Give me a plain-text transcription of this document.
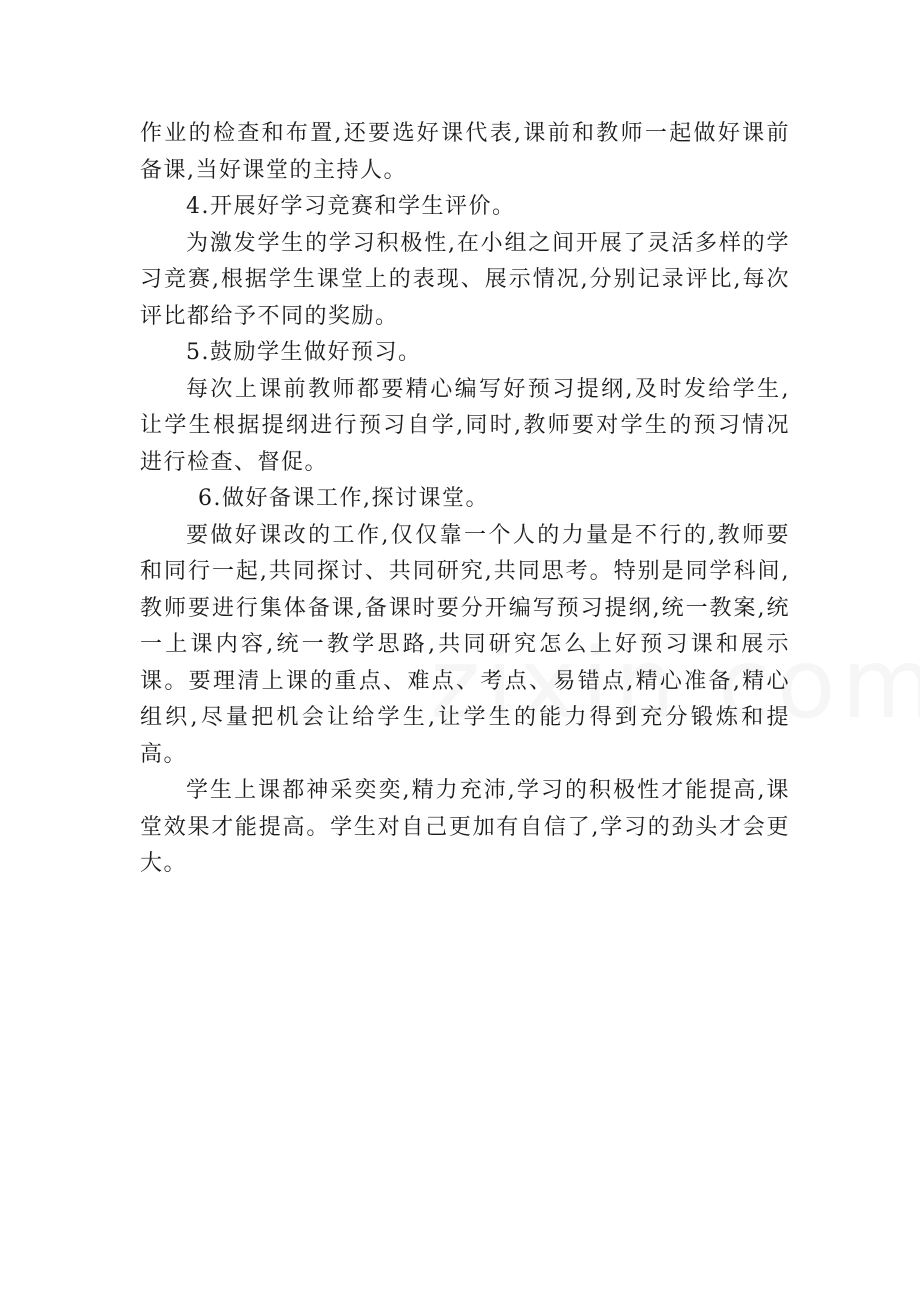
作业的检查和布置,还要选好课代表,课前和教师一起做好课前备课,当好课堂的主持人。

4.开展好学习竞赛和学生评价。

为激发学生的学习积极性,在小组之间开展了灵活多样的学习竞赛,根据学生课堂上的表现、展示情况,分别记录评比,每次评比都给予不同的奖励。

5.鼓励学生做好预习。

每次上课前教师都要精心编写好预习提纲,及时发给学生,让学生根据提纲进行预习自学,同时,教师要对学生的预习情况进行检查、督促。

6.做好备课工作,探讨课堂。

要做好课改的工作,仅仅靠一个人的力量是不行的,教师要和同行一起,共同探讨、共同研究,共同思考。特别是同学科间,教师要进行集体备课,备课时要分开编写预习提纲,统一教案,统一上课内容,统一教学思路,共同研究怎么上好预习课和展示课。要理清上课的重点、难点、考点、易错点,精心准备,精心组织,尽量把机会让给学生,让学生的能力得到充分锻炼和提高。

学生上课都神采奕奕,精力充沛,学习的积极性才能提高,课堂效果才能提高。学生对自己更加有自信了,学习的劲头才会更大。
